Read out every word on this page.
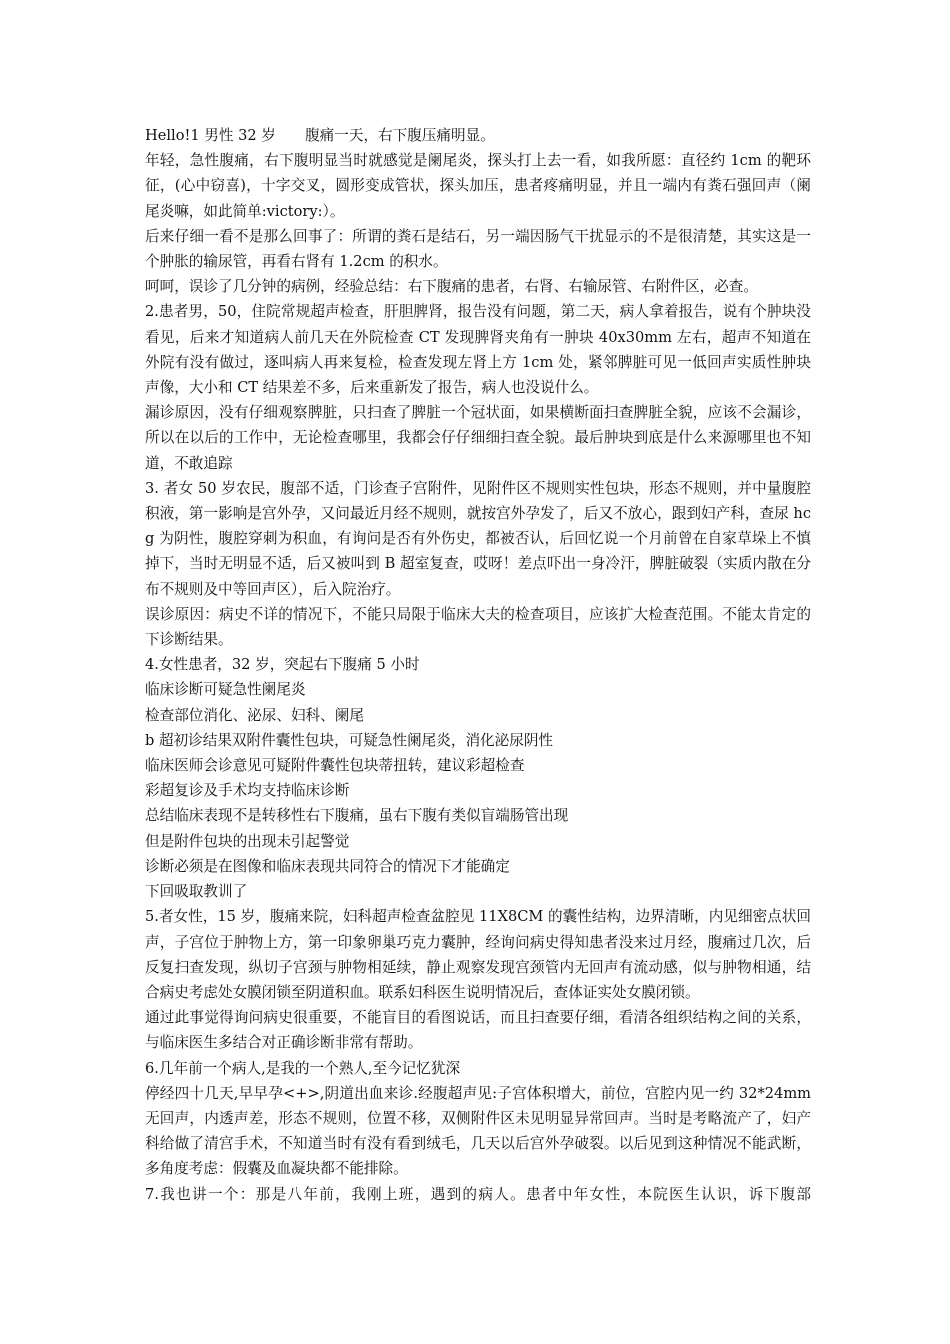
Hello!1 男性 32 岁　　腹痛一天，右下腹压痛明显。

年轻，急性腹痛，右下腹明显当时就感觉是阑尾炎，探头打上去一看，如我所愿：直径约 1cm 的靶环征，(心中窃喜)，十字交叉，圆形变成管状，探头加压，患者疼痛明显，并且一端内有粪石强回声（阑尾炎嘛，如此简单:victory:）。

后来仔细一看不是那么回事了：所谓的粪石是结石，另一端因肠气干扰显示的不是很清楚，其实这是一个肿胀的输尿管，再看右肾有 1.2cm 的积水。

呵呵，误诊了几分钟的病例，经验总结：右下腹痛的患者，右肾、右输尿管、右附件区，必查。

2.患者男，50，住院常规超声检查，肝胆脾肾，报告没有问题，第二天，病人拿着报告，说有个肿块没看见，后来才知道病人前几天在外院检查 CT 发现脾肾夹角有一肿块 40x30mm 左右，超声不知道在外院有没有做过，逐叫病人再来复检，检查发现左肾上方 1cm 处，紧邻脾脏可见一低回声实质性肿块声像，大小和 CT 结果差不多，后来重新发了报告，病人也没说什么。

漏诊原因，没有仔细观察脾脏，只扫查了脾脏一个冠状面，如果横断面扫查脾脏全貌，应该不会漏诊，所以在以后的工作中，无论检查哪里，我都会仔仔细细扫查全貌。最后肿块到底是什么来源哪里也不知道，不敢追踪

3. 者女 50 岁农民，腹部不适，门诊查子宫附件，见附件区不规则实性包块，形态不规则，并中量腹腔积液，第一影响是宫外孕，又问最近月经不规则，就按宫外孕发了，后又不放心，跟到妇产科，查尿 hcg 为阴性，腹腔穿刺为积血，有询问是否有外伤史，都被否认，后回忆说一个月前曾在自家草垛上不慎掉下，当时无明显不适，后又被叫到 B 超室复查，哎呀！差点吓出一身冷汗，脾脏破裂（实质内散在分布不规则及中等回声区），后入院治疗。

误诊原因：病史不详的情况下，不能只局限于临床大夫的检查项目，应该扩大检查范围。不能太肯定的下诊断结果。

4.女性患者，32 岁，突起右下腹痛 5 小时

临床诊断可疑急性阑尾炎

检查部位消化、泌尿、妇科、阑尾

b 超初诊结果双附件囊性包块，可疑急性阑尾炎，消化泌尿阴性

临床医师会诊意见可疑附件囊性包块蒂扭转，建议彩超检查

彩超复诊及手术均支持临床诊断

总结临床表现不是转移性右下腹痛，虽右下腹有类似盲端肠管出现

但是附件包块的出现未引起警觉

诊断必须是在图像和临床表现共同符合的情况下才能确定

下回吸取教训了

5.者女性，15 岁，腹痛来院，妇科超声检查盆腔见 11X8CM 的囊性结构，边界清晰，内见细密点状回声，子宫位于肿物上方，第一印象卵巢巧克力囊肿，经询问病史得知患者没来过月经，腹痛过几次，后反复扫查发现，纵切子宫颈与肿物相延续，静止观察发现宫颈管内无回声有流动感，似与肿物相通，结合病史考虑处女膜闭锁至阴道积血。联系妇科医生说明情况后，查体证实处女膜闭锁。

通过此事觉得询问病史很重要，不能盲目的看图说话，而且扫查要仔细，看清各组织结构之间的关系，与临床医生多结合对正确诊断非常有帮助。

6.几年前一个病人,是我的一个熟人,至今记忆犹深

停经四十几天,早早孕<+>,阴道出血来诊.经腹超声见:子宫体积增大，前位，宫腔内见一约 32*24mm 无回声，内透声差，形态不规则，位置不移，双侧附件区未见明显异常回声。当时是考略流产了，妇产科给做了清宫手术，不知道当时有没有看到绒毛，几天以后宫外孕破裂。以后见到这种情况不能武断，多角度考虑：假囊及血凝块都不能排除。

7.我也讲一个：那是八年前，我刚上班，遇到的病人。患者中年女性，本院医生认识，诉下腹部
